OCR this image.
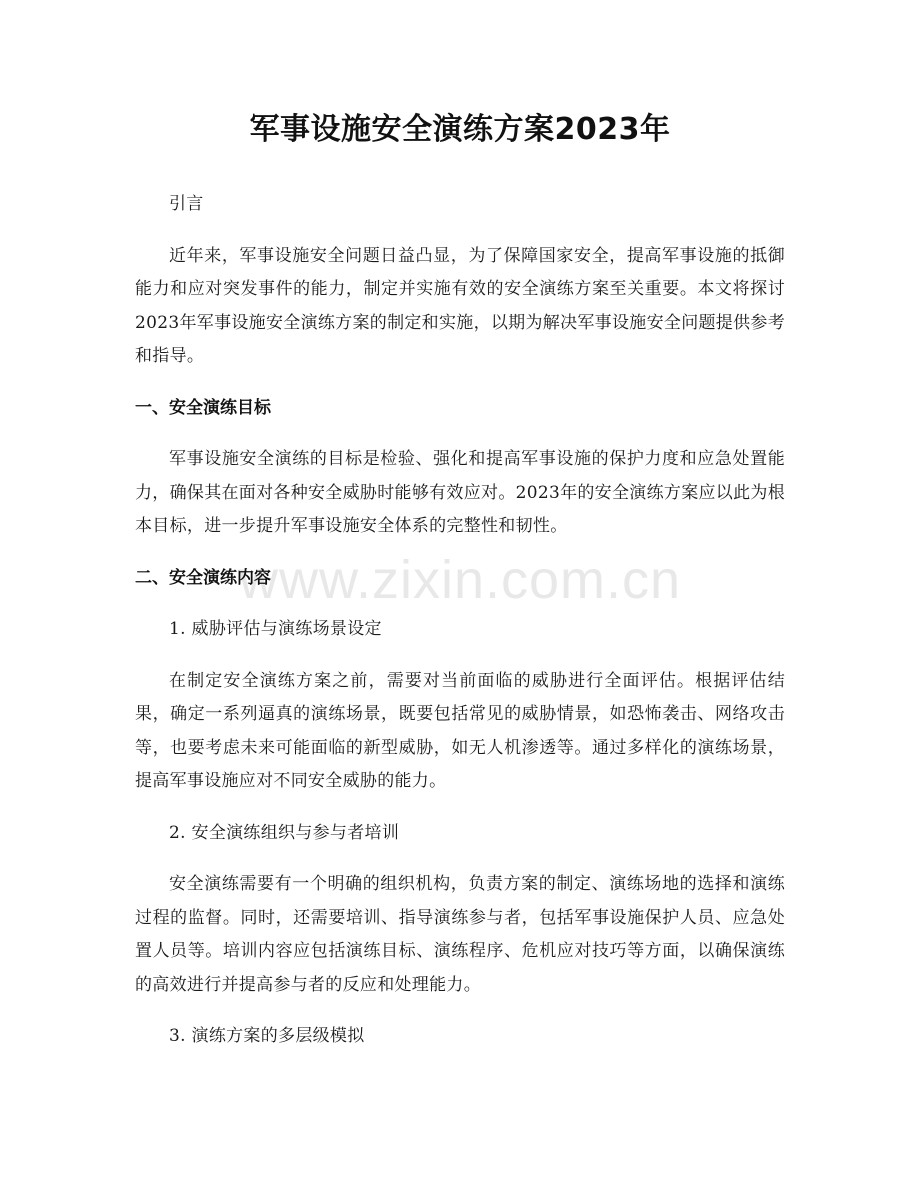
www.zixin.com.cn
军事设施安全演练方案2023年

引言

近年来，军事设施安全问题日益凸显，为了保障国家安全，提高军事设施的抵御能力和应对突发事件的能力，制定并实施有效的安全演练方案至关重要。本文将探讨2023年军事设施安全演练方案的制定和实施，以期为解决军事设施安全问题提供参考和指导。

一、安全演练目标

军事设施安全演练的目标是检验、强化和提高军事设施的保护力度和应急处置能力，确保其在面对各种安全威胁时能够有效应对。2023年的安全演练方案应以此为根本目标，进一步提升军事设施安全体系的完整性和韧性。

二、安全演练内容

1. 威胁评估与演练场景设定

在制定安全演练方案之前，需要对当前面临的威胁进行全面评估。根据评估结果，确定一系列逼真的演练场景，既要包括常见的威胁情景，如恐怖袭击、网络攻击等，也要考虑未来可能面临的新型威胁，如无人机渗透等。通过多样化的演练场景，提高军事设施应对不同安全威胁的能力。

2. 安全演练组织与参与者培训

安全演练需要有一个明确的组织机构，负责方案的制定、演练场地的选择和演练过程的监督。同时，还需要培训、指导演练参与者，包括军事设施保护人员、应急处置人员等。培训内容应包括演练目标、演练程序、危机应对技巧等方面，以确保演练的高效进行并提高参与者的反应和处理能力。

3. 演练方案的多层级模拟
